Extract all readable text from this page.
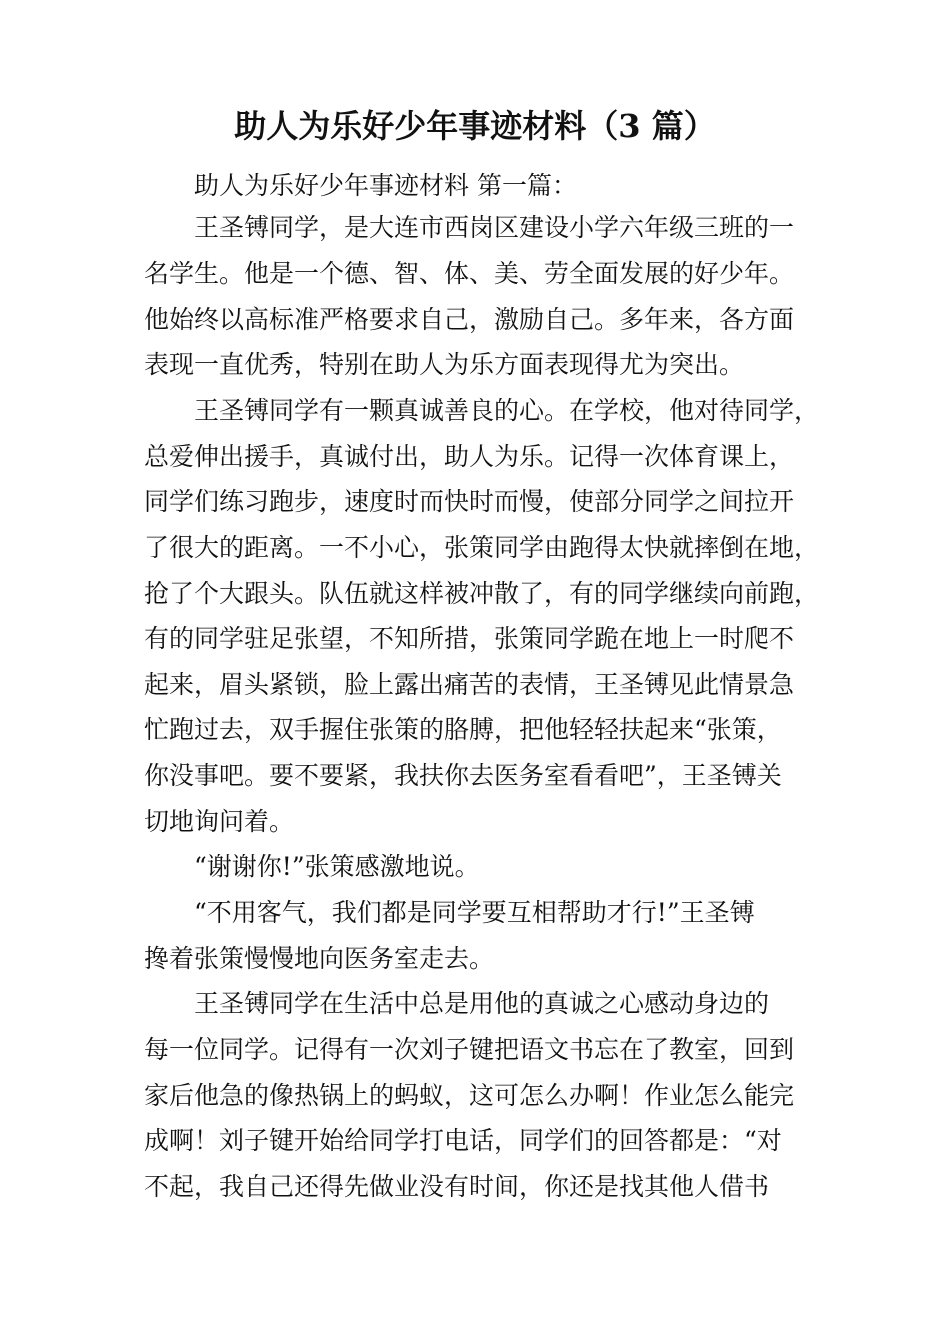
助人为乐好少年事迹材料（3 篇）
助人为乐好少年事迹材料 第一篇：
王圣镈同学，是大连市西岗区建设小学六年级三班的一
名学生。他是一个德、智、体、美、劳全面发展的好少年。
他始终以高标准严格要求自己，激励自己。多年来，各方面
表现一直优秀，特别在助人为乐方面表现得尤为突出。
王圣镈同学有一颗真诚善良的心。在学校，他对待同学，
总爱伸出援手，真诚付出，助人为乐。记得一次体育课上，
同学们练习跑步，速度时而快时而慢，使部分同学之间拉开
了很大的距离。一不小心，张策同学由跑得太快就摔倒在地，
抢了个大跟头。队伍就这样被冲散了，有的同学继续向前跑，
有的同学驻足张望，不知所措，张策同学跪在地上一时爬不
起来，眉头紧锁，脸上露出痛苦的表情，王圣镈见此情景急
忙跑过去，双手握住张策的胳膊，把他轻轻扶起来“张策，
你没事吧。要不要紧，我扶你去医务室看看吧”，王圣镈关
切地询问着。
“谢谢你!”张策感激地说。
“不用客气，我们都是同学要互相帮助才行!”王圣镈
搀着张策慢慢地向医务室走去。
王圣镈同学在生活中总是用他的真诚之心感动身边的
每一位同学。记得有一次刘子键把语文书忘在了教室，回到
家后他急的像热锅上的蚂蚁，这可怎么办啊！作业怎么能完
成啊！刘子键开始给同学打电话，同学们的回答都是：“对
不起，我自己还得先做业没有时间，你还是找其他人借书
